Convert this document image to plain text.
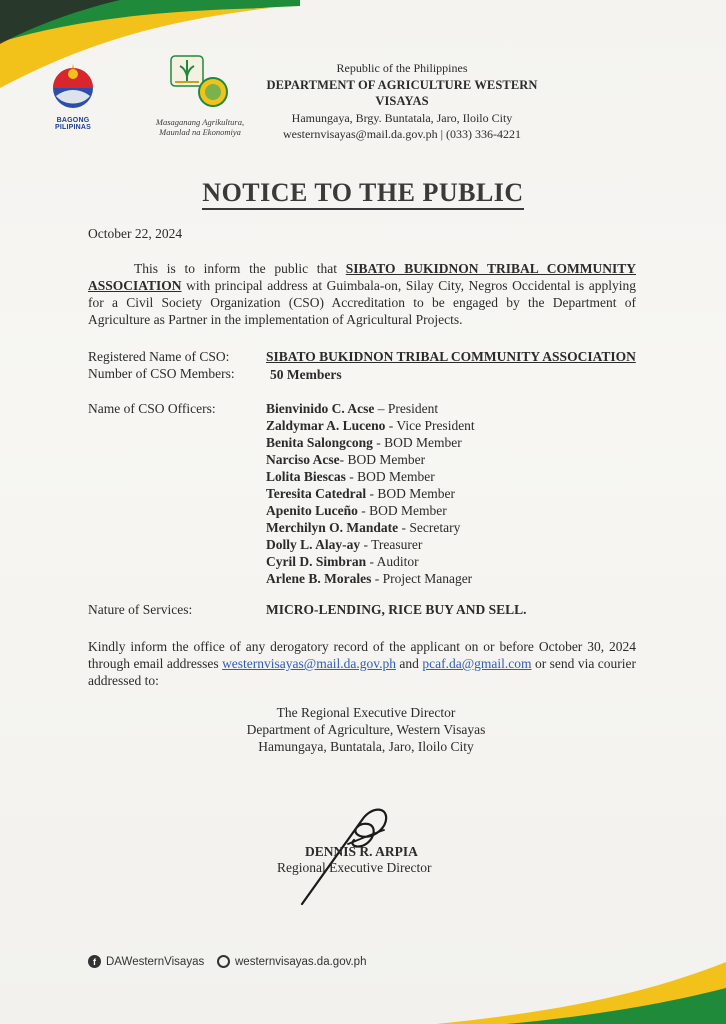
BAGONG PILIPINAS
Masaganang Agrikultura,
Maunlad na Ekonomiya
Republic of the Philippines
DEPARTMENT OF AGRICULTURE WESTERN VISAYAS
Hamungaya, Brgy. Buntatala, Jaro, Iloilo City
westernvisayas@mail.da.gov.ph | (033) 336-4221
NOTICE TO THE PUBLIC
October 22, 2024
This is to inform the public that SIBATO BUKIDNON TRIBAL COMMUNITY ASSOCIATION with principal address at Guimbala-on, Silay City, Negros Occidental is applying for a Civil Society Organization (CSO) Accreditation to be engaged by the Department of Agriculture as Partner in the implementation of Agricultural Projects.
Registered Name of CSO:	SIBATO BUKIDNON TRIBAL COMMUNITY ASSOCIATION
Number of CSO Members:	50 Members
Name of CSO Officers:	Bienvinido C. Acse – President
Zaldymar A. Luceno - Vice President
Benita Salongcong - BOD Member
Narciso Acse- BOD Member
Lolita Biescas - BOD Member
Teresita Catedral - BOD Member
Apenito Luceño - BOD Member
Merchilyn O. Mandate - Secretary
Dolly L. Alay-ay - Treasurer
Cyril D. Simbran - Auditor
Arlene B. Morales - Project Manager
Nature of Services:	MICRO-LENDING, RICE BUY AND SELL.
Kindly inform the office of any derogatory record of the applicant on or before October 30, 2024 through email addresses westernvisayas@mail.da.gov.ph and pcaf.da@gmail.com or send via courier addressed to:
The Regional Executive Director
Department of Agriculture, Western Visayas
Hamungaya, Buntatala, Jaro, Iloilo City
DENNIS R. ARPIA
Regional Executive Director
f DAWesternVisayas	westernvisayas.da.gov.ph
